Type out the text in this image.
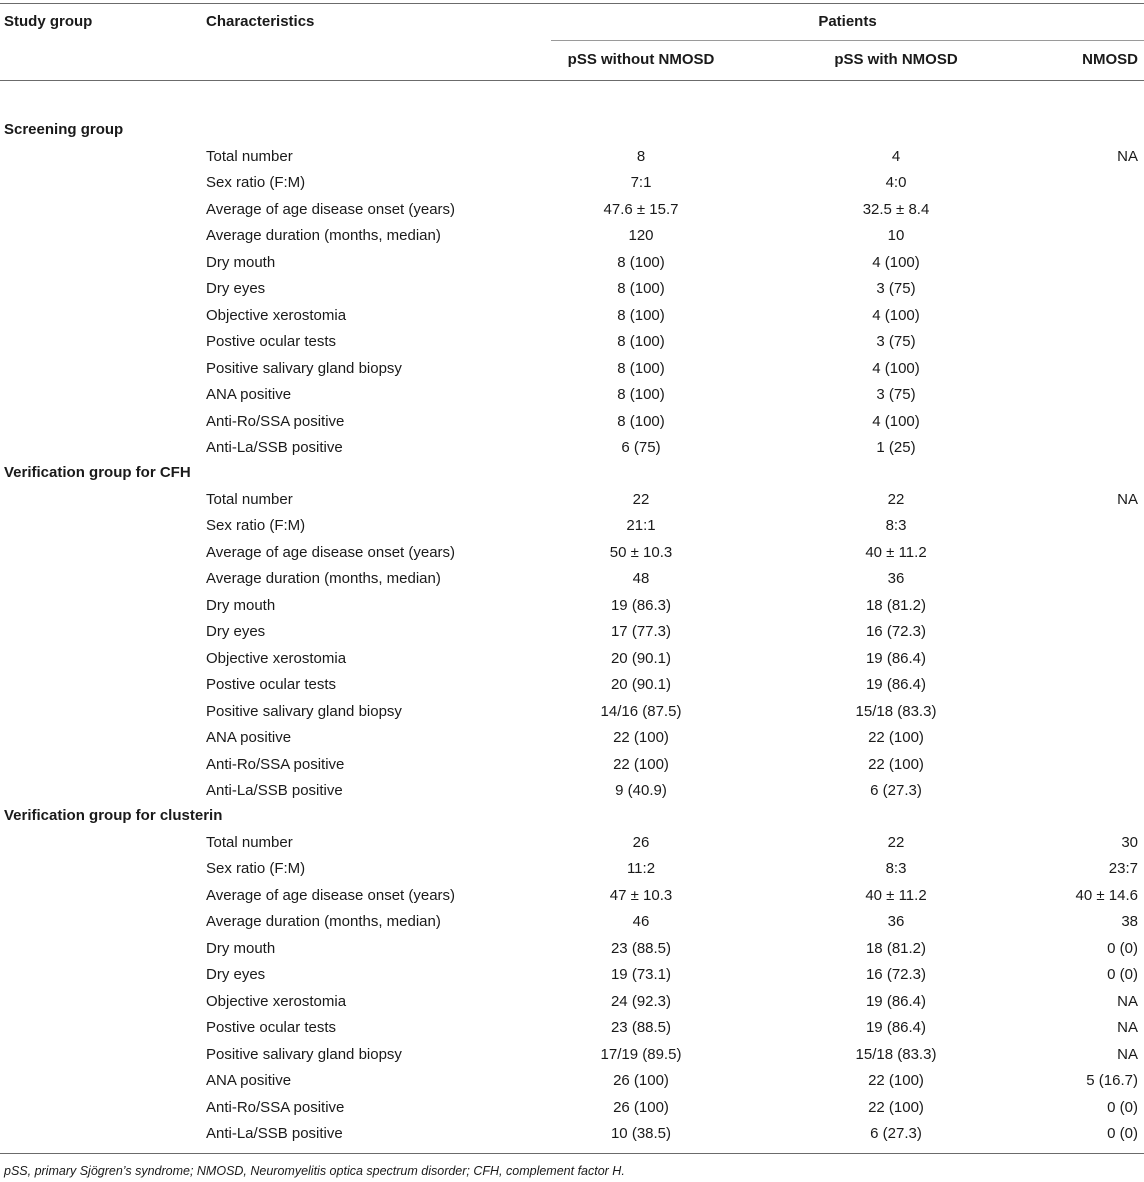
Study group	Characteristics	Patients
pSS without NMOSD	pSS with NMOSD	NMOSD
Screening group
Total number	8	4	NA
Sex ratio (F:M)	7:1	4:0
Average of age disease onset (years)	47.6 ± 15.7	32.5 ± 8.4
Average duration (months, median)	120	10
Dry mouth	8 (100)	4 (100)
Dry eyes	8 (100)	3 (75)
Objective xerostomia	8 (100)	4 (100)
Postive ocular tests	8 (100)	3 (75)
Positive salivary gland biopsy	8 (100)	4 (100)
ANA positive	8 (100)	3 (75)
Anti-Ro/SSA positive	8 (100)	4 (100)
Anti-La/SSB positive	6 (75)	1 (25)
Verification group for CFH
Total number	22	22	NA
Sex ratio (F:M)	21:1	8:3
Average of age disease onset (years)	50 ± 10.3	40 ± 11.2
Average duration (months, median)	48	36
Dry mouth	19 (86.3)	18 (81.2)
Dry eyes	17 (77.3)	16 (72.3)
Objective xerostomia	20 (90.1)	19 (86.4)
Postive ocular tests	20 (90.1)	19 (86.4)
Positive salivary gland biopsy	14/16 (87.5)	15/18 (83.3)
ANA positive	22 (100)	22 (100)
Anti-Ro/SSA positive	22 (100)	22 (100)
Anti-La/SSB positive	9 (40.9)	6 (27.3)
Verification group for clusterin
Total number	26	22	30
Sex ratio (F:M)	11:2	8:3	23:7
Average of age disease onset (years)	47 ± 10.3	40 ± 11.2	40 ± 14.6
Average duration (months, median)	46	36	38
Dry mouth	23 (88.5)	18 (81.2)	0 (0)
Dry eyes	19 (73.1)	16 (72.3)	0 (0)
Objective xerostomia	24 (92.3)	19 (86.4)	NA
Postive ocular tests	23 (88.5)	19 (86.4)	NA
Positive salivary gland biopsy	17/19 (89.5)	15/18 (83.3)	NA
ANA positive	26 (100)	22 (100)	5 (16.7)
Anti-Ro/SSA positive	26 (100)	22 (100)	0 (0)
Anti-La/SSB positive	10 (38.5)	6 (27.3)	0 (0)
pSS, primary Sjögren’s syndrome; NMOSD, Neuromyelitis optica spectrum disorder; CFH, complement factor H.
